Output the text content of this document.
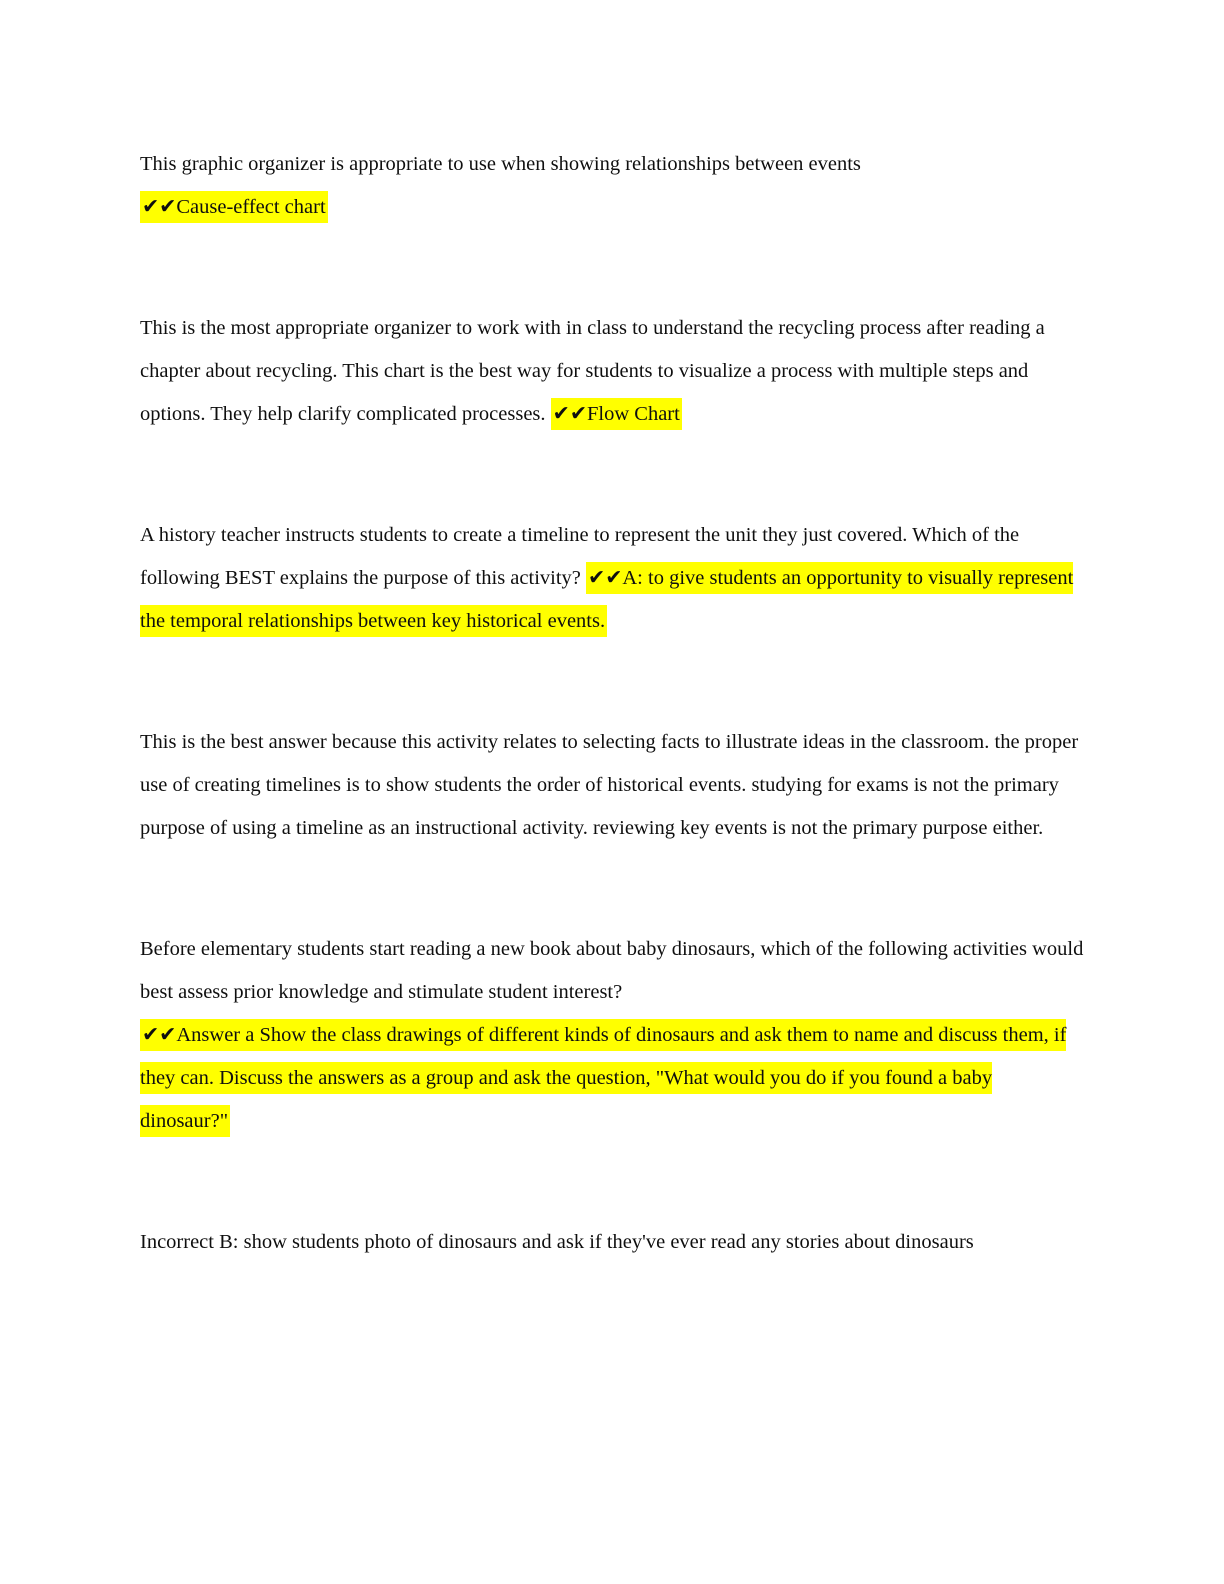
This graphic organizer is appropriate to use when showing relationships between events
✔✔Cause-effect chart

This is the most appropriate organizer to work with in class to understand the recycling process after reading a chapter about recycling. This chart is the best way for students to visualize a process with multiple steps and options. They help clarify complicated processes. ✔✔Flow Chart

A history teacher instructs students to create a timeline to represent the unit they just covered. Which of the following BEST explains the purpose of this activity? ✔✔A: to give students an opportunity to visually represent the temporal relationships between key historical events.

This is the best answer because this activity relates to selecting facts to illustrate ideas in the classroom. the proper use of creating timelines is to show students the order of historical events. studying for exams is not the primary purpose of using a timeline as an instructional activity. reviewing key events is not the primary purpose either.

Before elementary students start reading a new book about baby dinosaurs, which of the following activities would best assess prior knowledge and stimulate student interest?
✔✔Answer a Show the class drawings of different kinds of dinosaurs and ask them to name and discuss them, if they can. Discuss the answers as a group and ask the question, "What would you do if you found a baby dinosaur?"

Incorrect B: show students photo of dinosaurs and ask if they've ever read any stories about dinosaurs
